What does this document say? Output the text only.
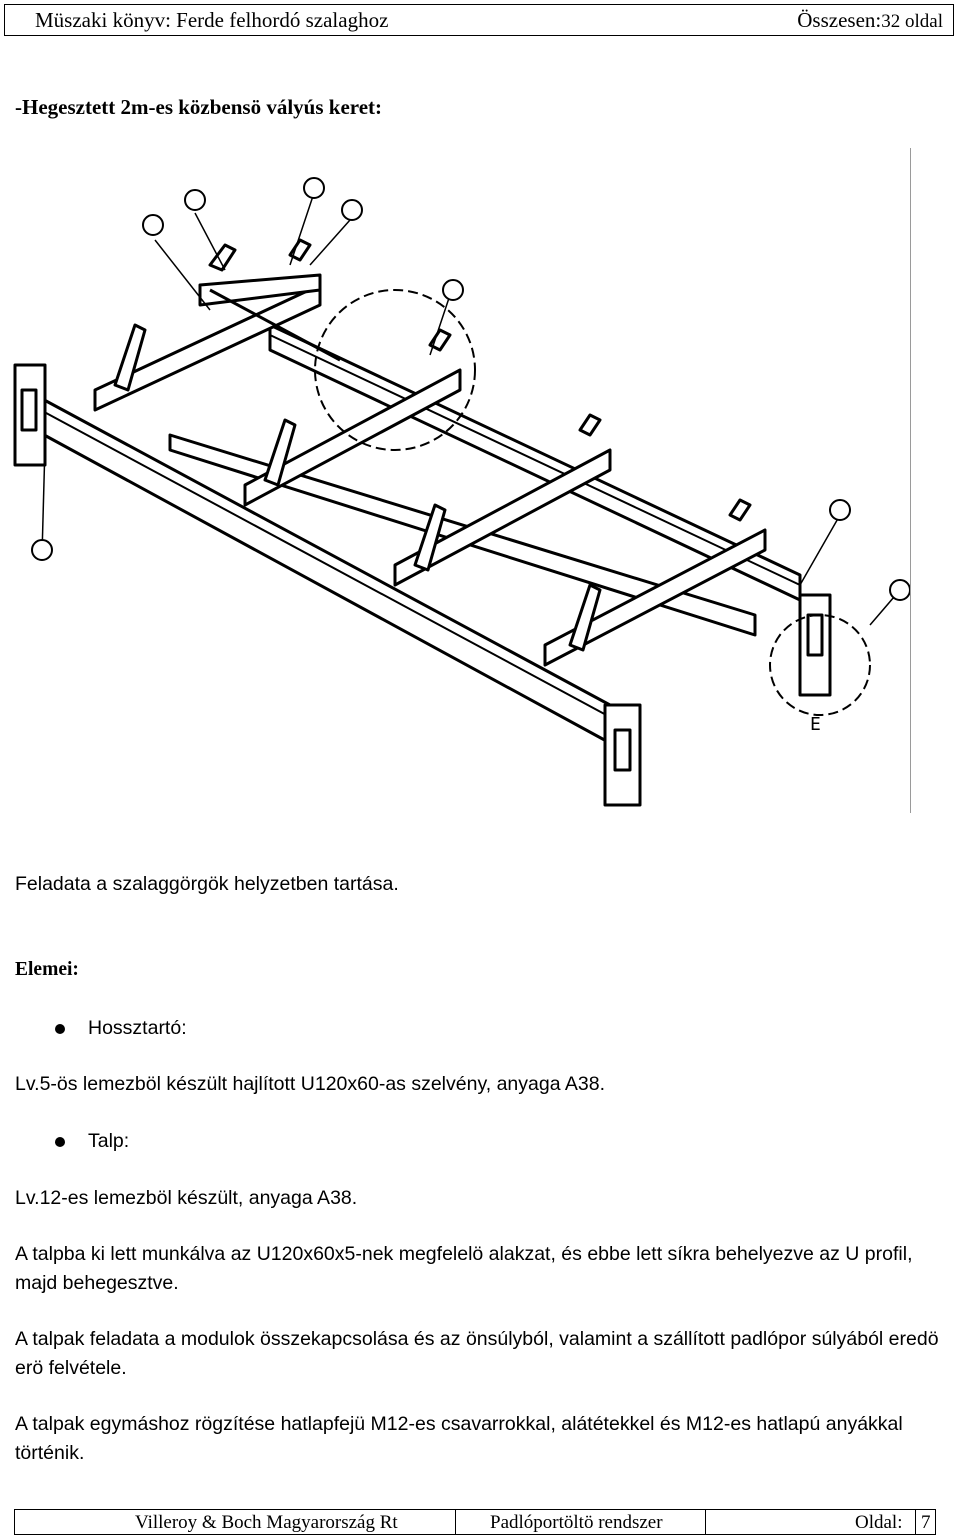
Müszaki könyv: Ferde felhordó szalaghoz	Összesen:32 oldal
-Hegesztett 2m-es közbensö vályús keret:
E
Feladata a szalaggörgök helyzetben tartása.
Elemei:
Hossztartó:
Lv.5-ös lemezböl készült hajlított U120x60-as szelvény, anyaga A38.
Talp:
Lv.12-es lemezböl készült, anyaga A38.
A talpba ki lett munkálva az U120x60x5-nek megfelelö alakzat, és ebbe lett síkra behelyezve az U profil, majd behegesztve.
A talpak feladata a modulok összekapcsolása és az önsúlyból, valamint a szállított padlópor súlyából eredö erö felvétele.
A talpak egymáshoz rögzítése hatlapfejü M12-es csavarrokkal, alátétekkel és M12-es hatlapú anyákkal történik.
Villeroy & Boch Magyarország Rt	Padlóportöltö rendszer	Oldal: 7
